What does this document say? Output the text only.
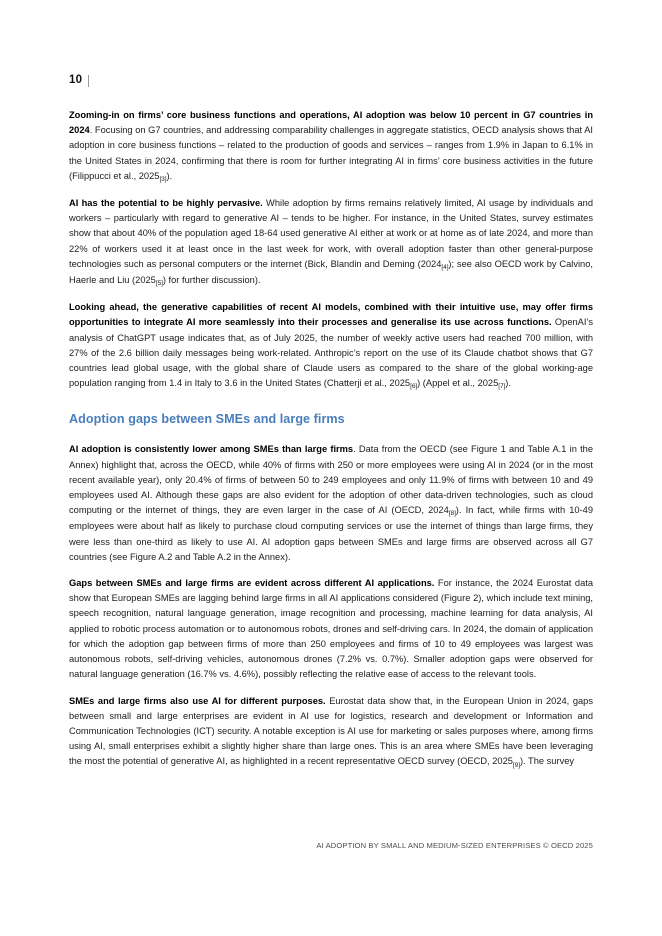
10

Zooming-in on firms’ core business functions and operations, AI adoption was below 10 percent in G7 countries in 2024. Focusing on G7 countries, and addressing comparability challenges in aggregate statistics, OECD analysis shows that AI adoption in core business functions – related to the production of goods and services – ranges from 1.9% in Japan to 6.1% in the United States in 2024, confirming that there is room for further integrating AI in firms’ core business activities in the future (Filippucci et al., $2025_{[3]}$).

AI has the potential to be highly pervasive. While adoption by firms remains relatively limited, AI usage by individuals and workers – particularly with regard to generative AI – tends to be higher. For instance, in the United States, survey estimates show that about 40% of the population aged 18-64 used generative AI either at work or at home as of late 2024, and more than 22% of workers used it at least once in the last week for work, with overall adoption faster than other general-purpose technologies such as personal computers or the internet (Bick, Blandin and Deming $(2024_{[4]})$; see also OECD work by Calvino, Haerle and Liu $(2025_{[5]})$ for further discussion).

Looking ahead, the generative capabilities of recent AI models, combined with their intuitive use, may offer firms opportunities to integrate AI more seamlessly into their processes and generalise its use across functions. OpenAI’s analysis of ChatGPT usage indicates that, as of July 2025, the number of weekly active users had reached 700 million, with 27% of the 2.6 billion daily messages being work-related. Anthropic’s report on the use of its Claude chatbot shows that G7 countries lead global usage, with the global share of Claude users as compared to the share of the global working-age population ranging from 1.4 in Italy to 3.6 in the United States (Chatterji et al., $2025_{[6]}$) (Appel et al., $2025_{[7]}$).

Adoption gaps between SMEs and large firms

AI adoption is consistently lower among SMEs than large firms. Data from the OECD (see Figure 1 and Table A.1 in the Annex) highlight that, across the OECD, while 40% of firms with 250 or more employees were using AI in 2024 (or in the most recent available year), only 20.4% of firms of between 50 to 249 employees and only 11.9% of firms with between 10 and 49 employees used AI. Although these gaps are also evident for the adoption of other data-driven technologies, such as cloud computing or the internet of things, they are even larger in the case of AI (OECD, $2024_{[8]}$). In fact, while firms with 10-49 employees were about half as likely to purchase cloud computing services or use the internet of things than large firms, they were less than one-third as likely to use AI. AI adoption gaps between SMEs and large firms are observed across all G7 countries (see Figure A.2 and Table A.2 in the Annex).

Gaps between SMEs and large firms are evident across different AI applications. For instance, the 2024 Eurostat data show that European SMEs are lagging behind large firms in all AI applications considered (Figure 2), which include text mining, speech recognition, natural language generation, image recognition and processing, machine learning for data analysis, AI applied to robotic process automation or to autonomous robots, drones and self-driving cars. In 2024, the domain of application for which the adoption gap between firms of more than 250 employees and firms of 10 to 49 employees was largest was autonomous robots, self-driving vehicles, autonomous drones (7.2% vs. 0.7%). Smaller adoption gaps were observed for natural language generation (16.7% vs. 4.6%), possibly reflecting the relative ease of access to the relevant tools.

SMEs and large firms also use AI for different purposes. Eurostat data show that, in the European Union in 2024, gaps between small and large enterprises are evident in AI use for logistics, research and development or Information and Communication Technologies (ICT) security. A notable exception is AI use for marketing or sales purposes where, among firms using AI, small enterprises exhibit a slightly higher share than large ones. This is an area where SMEs have been leveraging the most the potential of generative AI, as highlighted in a recent representative OECD survey (OECD, $2025_{[9]}$). The survey

AI ADOPTION BY SMALL AND MEDIUM-SIZED ENTERPRISES © OECD 2025
